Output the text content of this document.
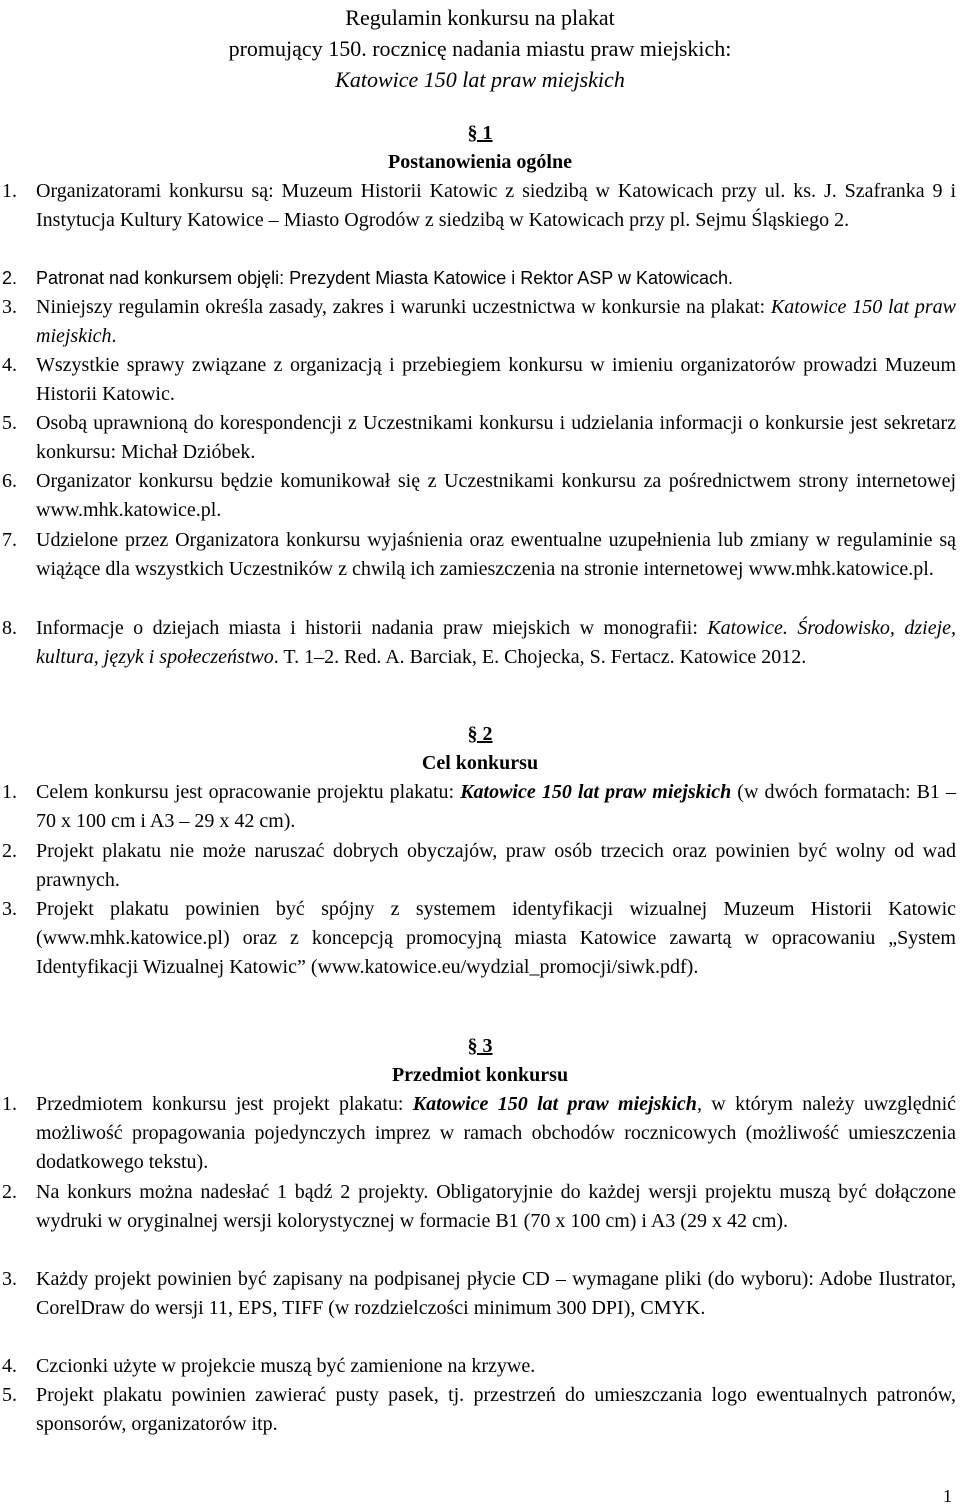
Regulamin konkursu na plakat
promujący 150. rocznicę nadania miastu praw miejskich:
Katowice 150 lat praw miejskich
§ 1
Postanowienia ogólne
1. Organizatorami konkursu są: Muzeum Historii Katowic z siedzibą w Katowicach przy ul. ks. J. Szafranka 9 i Instytucja Kultury Katowice – Miasto Ogrodów z siedzibą w Katowicach przy pl. Sejmu Śląskiego 2.
2. Patronat nad konkursem objęli: Prezydent Miasta Katowice i Rektor ASP w Katowicach.
3. Niniejszy regulamin określa zasady, zakres i warunki uczestnictwa w konkursie na plakat: Katowice 150 lat praw miejskich.
4. Wszystkie sprawy związane z organizacją i przebiegiem konkursu w imieniu organizatorów prowadzi Muzeum Historii Katowic.
5. Osobą uprawnioną do korespondencji z Uczestnikami konkursu i udzielania informacji o konkursie jest sekretarz konkursu: Michał Dzióbek.
6. Organizator konkursu będzie komunikował się z Uczestnikami konkursu za pośrednictwem strony internetowej www.mhk.katowice.pl.
7. Udzielone przez Organizatora konkursu wyjaśnienia oraz ewentualne uzupełnienia lub zmiany w regulaminie są wiążące dla wszystkich Uczestników z chwilą ich zamieszczenia na stronie internetowej www.mhk.katowice.pl.
8. Informacje o dziejach miasta i historii nadania praw miejskich w monografii: Katowice. Środowisko, dzieje, kultura, język i społeczeństwo. T. 1–2. Red. A. Barciak, E. Chojecka, S. Fertacz. Katowice 2012.
§ 2
Cel konkursu
1. Celem konkursu jest opracowanie projektu plakatu: Katowice 150 lat praw miejskich (w dwóch formatach: B1 – 70 x 100 cm i A3 – 29 x 42 cm).
2. Projekt plakatu nie może naruszać dobrych obyczajów, praw osób trzecich oraz powinien być wolny od wad prawnych.
3. Projekt plakatu powinien być spójny z systemem identyfikacji wizualnej Muzeum Historii Katowic (www.mhk.katowice.pl) oraz z koncepcją promocyjną miasta Katowice zawartą w opracowaniu „System Identyfikacji Wizualnej Katowic” (www.katowice.eu/wydzial_promocji/siwk.pdf).
§ 3
Przedmiot konkursu
1. Przedmiotem konkursu jest projekt plakatu: Katowice 150 lat praw miejskich, w którym należy uwzględnić możliwość propagowania pojedynczych imprez w ramach obchodów rocznicowych (możliwość umieszczenia dodatkowego tekstu).
2. Na konkurs można nadesłać 1 bądź 2 projekty. Obligatoryjnie do każdej wersji projektu muszą być dołączone wydruki w oryginalnej wersji kolorystycznej w formacie B1 (70 x 100 cm) i A3 (29 x 42 cm).
3. Każdy projekt powinien być zapisany na podpisanej płycie CD – wymagane pliki (do wyboru): Adobe Ilustrator, CorelDraw do wersji 11, EPS, TIFF (w rozdzielczości minimum 300 DPI), CMYK.
4. Czcionki użyte w projekcie muszą być zamienione na krzywe.
5. Projekt plakatu powinien zawierać pusty pasek, tj. przestrzeń do umieszczania logo ewentualnych patronów, sponsorów, organizatorów itp.
1
